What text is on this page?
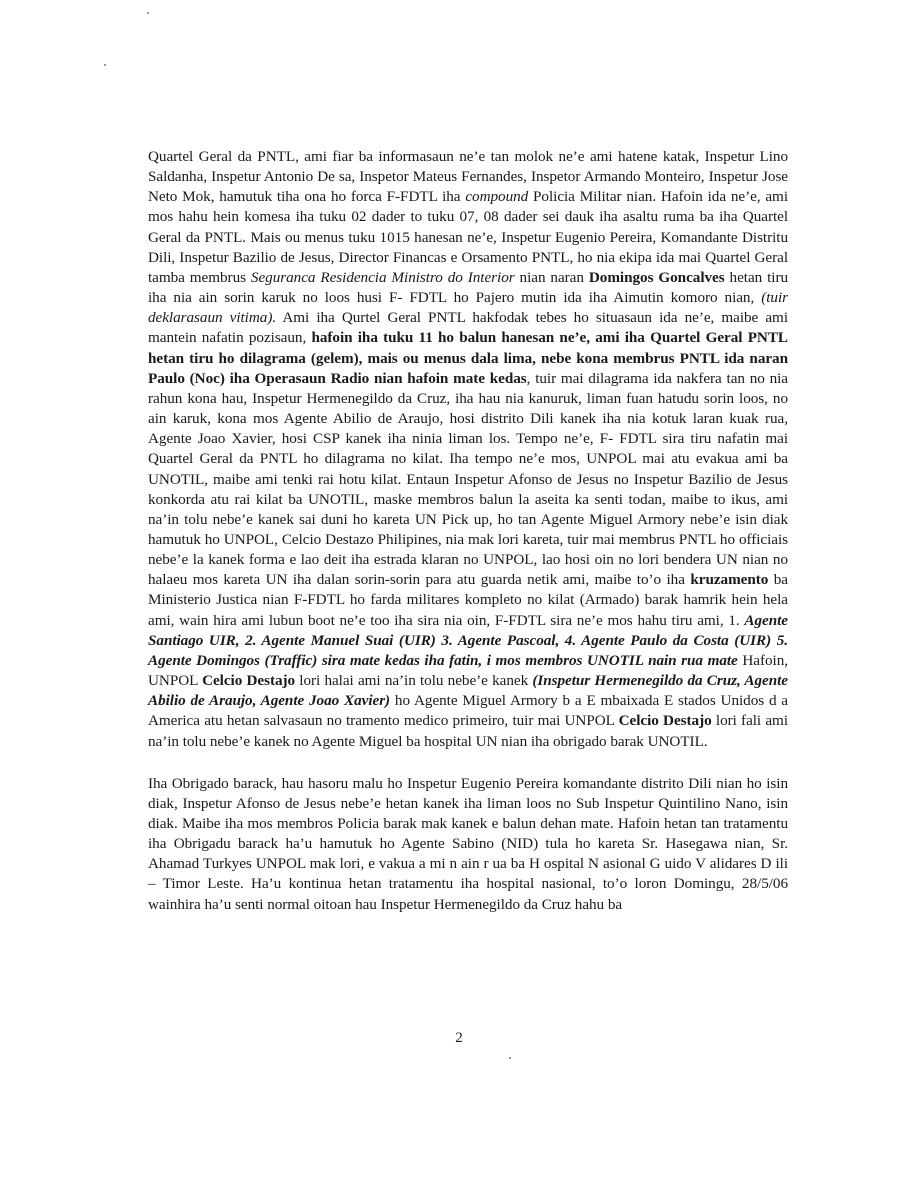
Quartel Geral da PNTL, ami fiar ba informasaun ne’e tan molok ne’e ami hatene katak, Inspetur Lino Saldanha, Inspetur Antonio De sa, Inspetor Mateus Fernandes, Inspetor Armando Monteiro, Inspetur Jose Neto Mok, hamutuk tiha ona ho forca F-FDTL iha compound Policia Militar nian. Hafoin ida ne’e, ami mos hahu hein komesa iha tuku 02 dader to tuku 07, 08 dader sei dauk iha asaltu ruma ba iha Quartel Geral da PNTL. Mais ou menus tuku 1015 hanesan ne’e, Inspetur Eugenio Pereira, Komandante Distritu Dili, Inspetur Bazilio de Jesus, Director Financas e Orsamento PNTL, ho nia ekipa ida mai Quartel Geral tamba membrus Seguranca Residencia Ministro do Interior nian naran Domingos Goncalves hetan tiru iha nia ain sorin karuk no loos husi F- FDTL ho Pajero mutin ida iha Aimutin komoro nian, (tuir deklarasaun vitima). Ami iha Qurtel Geral PNTL hakfodak tebes ho situasaun ida ne’e, maibe ami mantein nafatin pozisaun, hafoin iha tuku 11 ho balun hanesan ne’e, ami iha Quartel Geral PNTL hetan tiru ho dilagrama (gelem), mais ou menus dala lima, nebe kona membrus PNTL ida naran Paulo (Noc) iha Operasaun Radio nian hafoin mate kedas, tuir mai dilagrama ida nakfera tan no nia rahun kona hau, Inspetur Hermenegildo da Cruz, iha hau nia kanuruk, liman fuan hatudu sorin loos, no ain karuk, kona mos Agente Abilio de Araujo, hosi distrito Dili kanek iha nia kotuk laran kuak rua, Agente Joao Xavier, hosi CSP kanek iha ninia liman los. Tempo ne’e, F- FDTL sira tiru nafatin mai Quartel Geral da PNTL ho dilagrama no kilat. Iha tempo ne’e mos, UNPOL mai atu evakua ami ba UNOTIL, maibe ami tenki rai hotu kilat. Entaun Inspetur Afonso de Jesus no Inspetur Bazilio de Jesus konkorda atu rai kilat ba UNOTIL, maske membros balun la aseita ka senti todan, maibe to ikus, ami na’in tolu nebe’e kanek sai duni ho kareta UN Pick up, ho tan Agente Miguel Armory nebe’e isin diak hamutuk ho UNPOL, Celcio Destazo Philipines, nia mak lori kareta, tuir mai membrus PNTL ho officiais nebe’e la kanek forma e lao deit iha estrada klaran no UNPOL, lao hosi oin no lori bendera UN nian no halaeu mos kareta UN iha dalan sorin-sorin para atu guarda netik ami, maibe to’o iha kruzamento ba Ministerio Justica nian F-FDTL ho farda militares kompleto no kilat (Armado) barak hamrik hein hela ami, wain hira ami lubun boot ne’e too iha sira nia oin, F-FDTL sira ne’e mos hahu tiru ami, 1. Agente Santiago UIR, 2. Agente Manuel Suai (UIR) 3. Agente Pascoal, 4. Agente Paulo da Costa (UIR) 5. Agente Domingos (Traffic) sira mate kedas iha fatin, i mos membros UNOTIL nain rua mate Hafoin, UNPOL Celcio Destajo lori halai ami na’in tolu nebe’e kanek (Inspetur Hermenegildo da Cruz, Agente Abilio de Araujo, Agente Joao Xavier) ho Agente Miguel Armory b a E mbaixada E stados Unidos d a America atu hetan salvasaun no tramento medico primeiro, tuir mai UNPOL Celcio Destajo lori fali ami na’in tolu nebe’e kanek no Agente Miguel ba hospital UN nian iha obrigado barak UNOTIL.

Iha Obrigado barack, hau hasoru malu ho Inspetur Eugenio Pereira komandante distrito Dili nian ho isin diak, Inspetur Afonso de Jesus nebe’e hetan kanek iha liman loos no Sub Inspetur Quintilino Nano, isin diak. Maibe iha mos membros Policia barak mak kanek e balun dehan mate. Hafoin hetan tan tratamentu iha Obrigadu barack ha’u hamutuk ho Agente Sabino (NID) tula ho kareta Sr. Hasegawa nian, Sr. Ahamad Turkyes UNPOL mak lori, e vakua a mi n ain r ua ba H ospital N asional G uido V alidares D ili – Timor Leste. Ha’u kontinua hetan tratamentu iha hospital nasional, to’o loron Domingu, 28/5/06 wainhira ha’u senti normal oitoan hau Inspetur Hermenegildo da Cruz hahu ba

2
